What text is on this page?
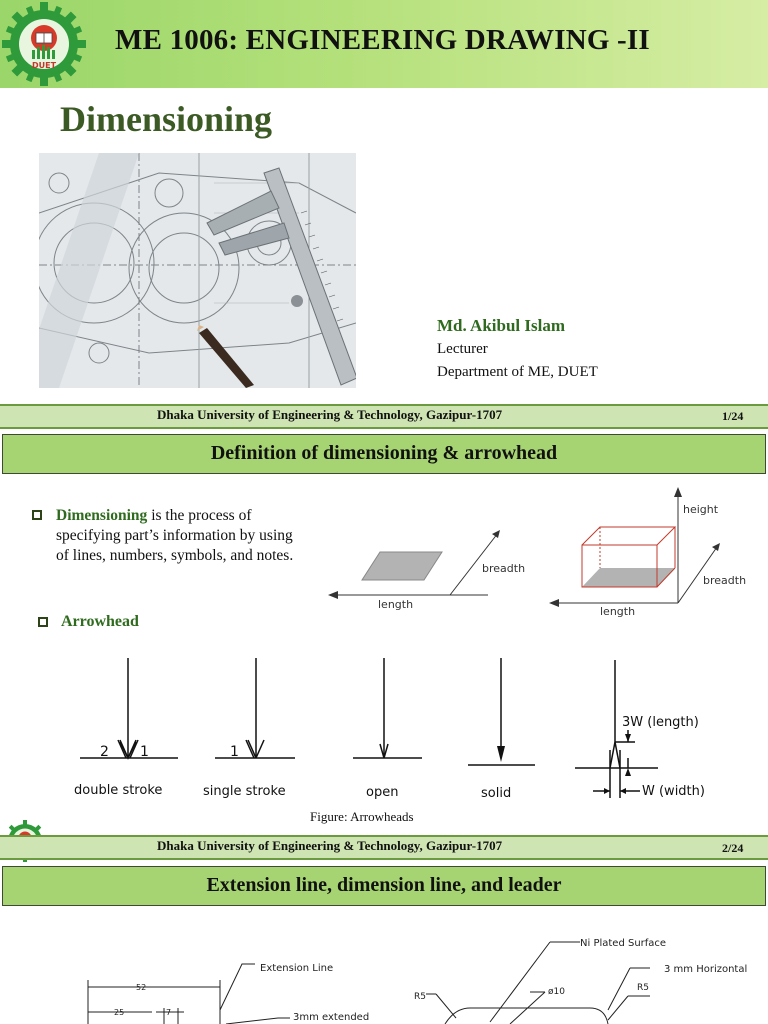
DUET
ME 1006: ENGINEERING DRAWING -II
Dimensioning
Md. Akibul Islam
Lecturer
Department of ME, DUET
Dhaka University of Engineering & Technology, Gazipur-1707	1/24
Definition of dimensioning & arrowhead
Dimensioning is the process of specifying part’s information by using of lines, numbers, symbols, and notes.
Arrowhead
breadth
length
height
breadth
length
2 1	1
3W (length)
W (width)
double stroke	single stroke	open	solid
Figure: Arrowheads
Dhaka University of Engineering & Technology, Gazipur-1707	2/24
Extension line, dimension line, and leader
52
25	7
Extension Line
3mm extended
Ni Plated Surface
3 mm Horizontal
R5
R5
ø10
